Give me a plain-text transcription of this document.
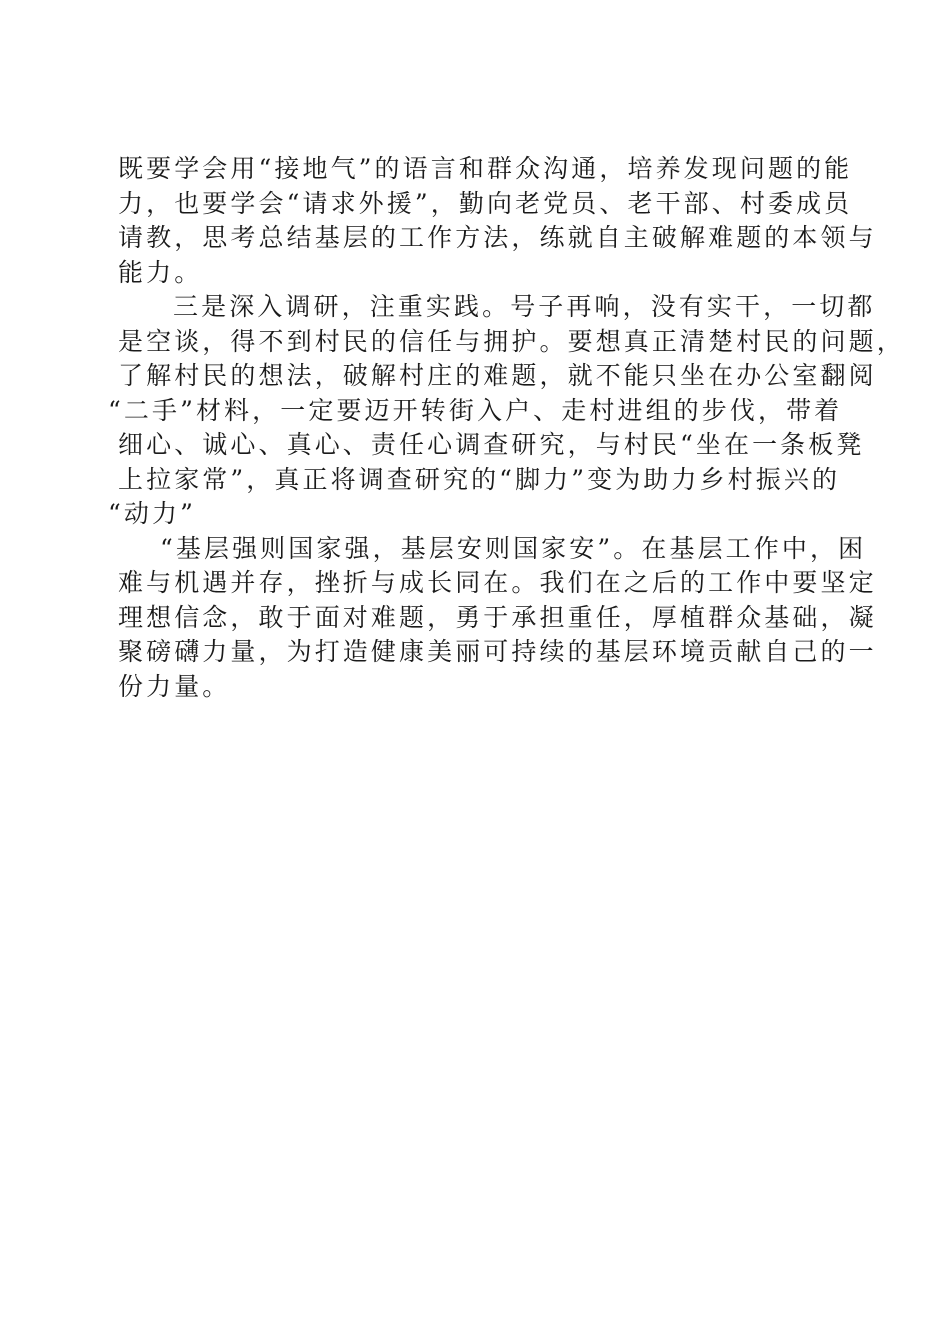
既要学会用“接地气”的语言和群众沟通，培养发现问题的能
力，也要学会“请求外援”，勤向老党员、老干部、村委成员
请教，思考总结基层的工作方法，练就自主破解难题的本领与
能力。
三是深入调研，注重实践。号子再响，没有实干，一切都
是空谈，得不到村民的信任与拥护。要想真正清楚村民的问题，
了解村民的想法，破解村庄的难题，就不能只坐在办公室翻阅
“二手”材料，一定要迈开转街入户、走村进组的步伐，带着
细心、诚心、真心、责任心调查研究，与村民“坐在一条板凳
上拉家常”，真正将调查研究的“脚力”变为助力乡村振兴的
“动力”
“基层强则国家强，基层安则国家安”。在基层工作中，困
难与机遇并存，挫折与成长同在。我们在之后的工作中要坚定
理想信念，敢于面对难题，勇于承担重任，厚植群众基础，凝
聚磅礴力量，为打造健康美丽可持续的基层环境贡献自己的一
份力量。
